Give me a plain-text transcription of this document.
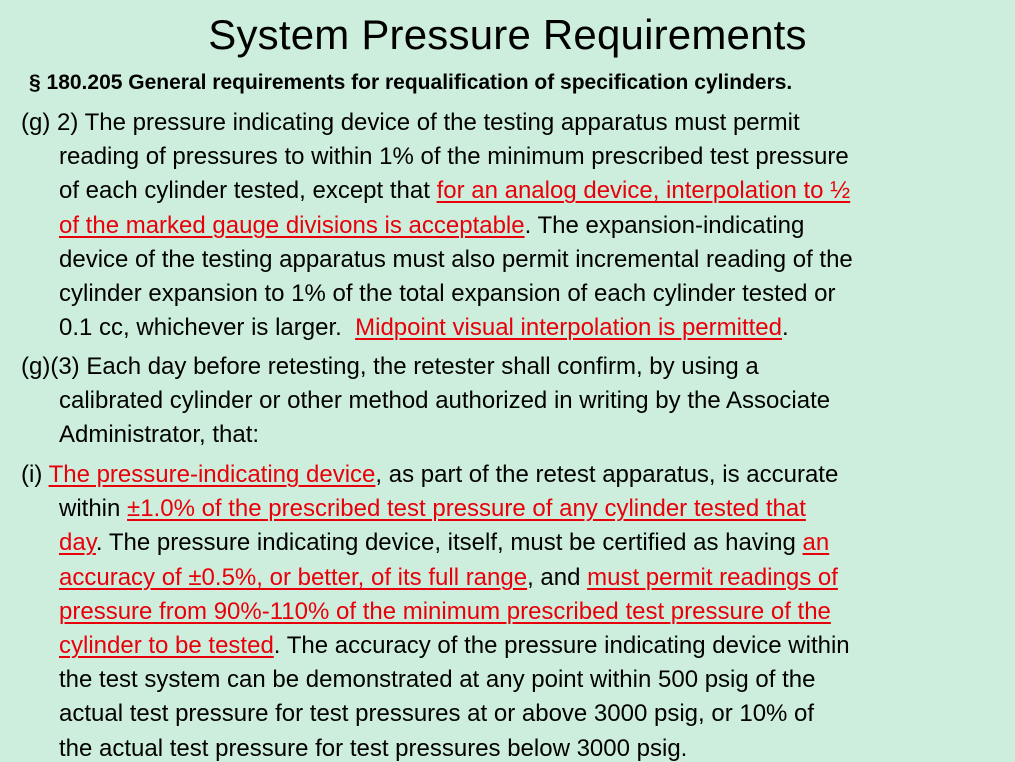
System Pressure Requirements
§ 180.205 General requirements for requalification of specification cylinders.
(g) 2) The pressure indicating device of the testing apparatus must permit
reading of pressures to within 1% of the minimum prescribed test pressure
of each cylinder tested, except that for an analog device, interpolation to ½
of the marked gauge divisions is acceptable. The expansion-indicating
device of the testing apparatus must also permit incremental reading of the
cylinder expansion to 1% of the total expansion of each cylinder tested or
0.1 cc, whichever is larger.  Midpoint visual interpolation is permitted.
(g)(3) Each day before retesting, the retester shall confirm, by using a
calibrated cylinder or other method authorized in writing by the Associate
Administrator, that:
(i) The pressure-indicating device, as part of the retest apparatus, is accurate
within ±1.0% of the prescribed test pressure of any cylinder tested that
day. The pressure indicating device, itself, must be certified as having an
accuracy of ±0.5%, or better, of its full range, and must permit readings of
pressure from 90%-110% of the minimum prescribed test pressure of the
cylinder to be tested. The accuracy of the pressure indicating device within
the test system can be demonstrated at any point within 500 psig of the
actual test pressure for test pressures at or above 3000 psig, or 10% of
the actual test pressure for test pressures below 3000 psig.
